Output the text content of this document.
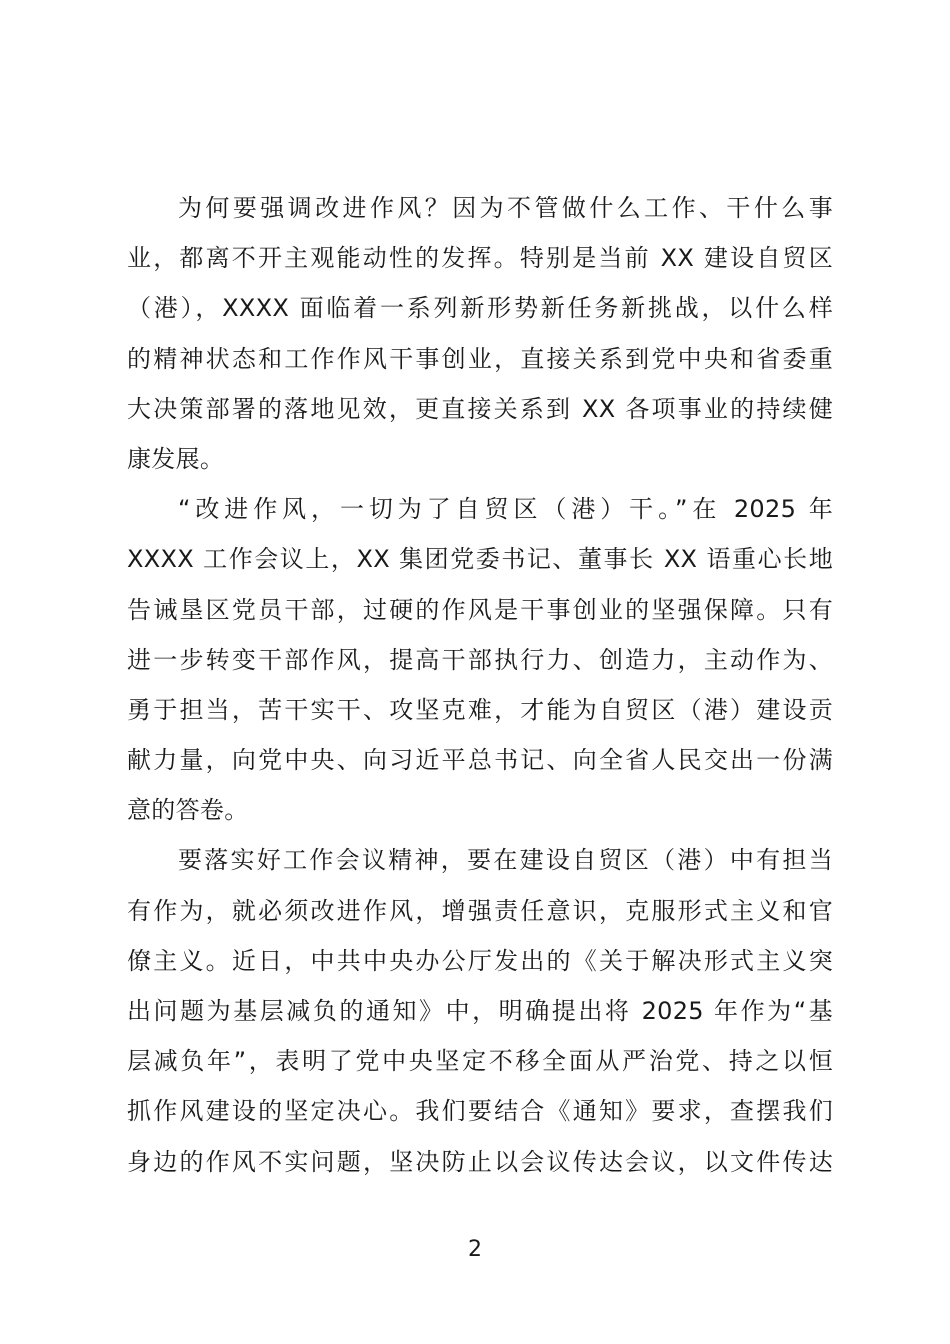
为何要强调改进作风？因为不管做什么工作、干什么事
业，都离不开主观能动性的发挥。特别是当前 XX 建设自贸区
（港），XXXX 面临着一系列新形势新任务新挑战，以什么样
的精神状态和工作作风干事创业，直接关系到党中央和省委重
大决策部署的落地见效，更直接关系到 XX 各项事业的持续健
康发展。

“改进作风，一切为了自贸区（港）干。”在 2025 年
XXXX 工作会议上，XX 集团党委书记、董事长 XX 语重心长地
告诫垦区党员干部，过硬的作风是干事创业的坚强保障。只有
进一步转变干部作风，提高干部执行力、创造力，主动作为、
勇于担当，苦干实干、攻坚克难，才能为自贸区（港）建设贡
献力量，向党中央、向习近平总书记、向全省人民交出一份满
意的答卷。

要落实好工作会议精神，要在建设自贸区（港）中有担当
有作为，就必须改进作风，增强责任意识，克服形式主义和官
僚主义。近日，中共中央办公厅发出的《关于解决形式主义突
出问题为基层减负的通知》中，明确提出将 2025 年作为“基
层减负年”，表明了党中央坚定不移全面从严治党、持之以恒
抓作风建设的坚定决心。我们要结合《通知》要求，查摆我们
身边的作风不实问题，坚决防止以会议传达会议，以文件传达

2
